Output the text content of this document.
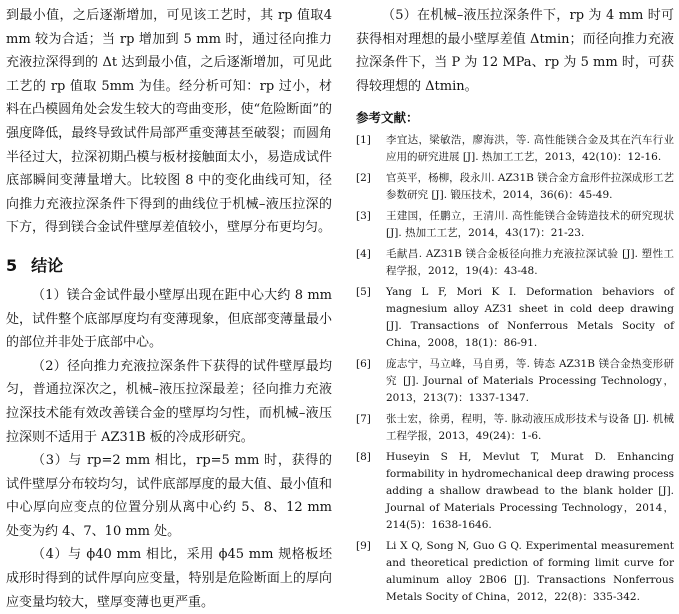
到最小值，之后逐渐增加，可见该工艺时，其 rp 值取4 mm 较为合适；当 rp 增加到 5 mm 时，通过径向推力充液拉深得到的 Δt 达到最小值，之后逐渐增加，可见此工艺的 rp 值取 5mm 为佳。经分析可知：rp 过小，材料在凸模圆角处会发生较大的弯曲变形，使“危险断面”的强度降低，最终导致试件局部严重变薄甚至破裂；而圆角半径过大，拉深初期凸模与板材接触面太小，易造成试件底部瞬间变薄量增大。比较图 8 中的变化曲线可知，径向推力充液拉深条件下得到的曲线位于机械–液压拉深的下方，得到镁合金试件壁厚差值较小，壁厚分布更均匀。

5 结论

（1）镁合金试件最小壁厚出现在距中心大约 8 mm 处，试件整个底部厚度均有变薄现象，但底部变薄量最小的部位并非处于底部中心。

（2）径向推力充液拉深条件下获得的试件壁厚最均匀，普通拉深次之，机械–液压拉深最差；径向推力充液拉深技术能有效改善镁合金的壁厚均匀性，而机械–液压拉深则不适用于 AZ31B 板的冷成形研究。

（3）与 rp=2 mm 相比，rp=5 mm 时，获得的试件壁厚分布较均匀，试件底部厚度的最大值、最小值和中心厚向应变点的位置分别从离中心约 5、8、12 mm 处变为约 4、7、10 mm 处。

（4）与 ϕ40 mm 相比，采用 ϕ45 mm 规格板坯成形时得到的试件厚向应变量，特别是危险断面上的厚向应变量均较大，壁厚变薄也更严重。

（5）在机械–液压拉深条件下，rp 为 4 mm 时可获得相对理想的最小壁厚差值 Δtmin；而径向推力充液拉深条件下，当 P 为 12 MPa、rp 为 5 mm 时，可获得较理想的 Δtmin。

参考文献：

[1] 李宜达，梁敏浩，廖海洪，等. 高性能镁合金及其在汽车行业应用的研究进展 [J]. 热加工工艺，2013，42(10)：12-16.
[2] 官英平，杨柳，段永川. AZ31B 镁合金方盒形件拉深成形工艺参数研究 [J]. 锻压技术，2014，36(6)：45-49.
[3] 王建国，任鹏立，王清川. 高性能镁合金铸造技术的研究现状 [J]. 热加工工艺，2014，43(17)：21-23.
[4] 毛献昌. AZ31B 镁合金板径向推力充液拉深试验 [J]. 塑性工程学报，2012，19(4)：43-48.
[5] Yang L F, Mori K I. Deformation behaviors of magnesium alloy AZ31 sheet in cold deep drawing [J]. Transactions of Nonferrous Metals Socity of China，2008，18(1)：86-91.
[6] 庞志宁，马立峰，马自勇，等. 铸态 AZ31B 镁合金热变形研究 [J]. Journal of Materials Processing Technology，2013，213(7)：1337-1347.
[7] 张士宏，徐勇，程明，等. 脉动液压成形技术与设备 [J]. 机械工程学报，2013，49(24)：1-6.
[8] Huseyin S H, Mevlut T, Murat D. Enhancing formability in hydromechanical deep drawing process adding a shallow drawbead to the blank holder [J]. Journal of Materials Processing Technology，2014，214(5)：1638-1646.
[9] Li X Q, Song N, Guo G Q. Experimental measurement and theoretical prediction of forming limit curve for aluminum alloy 2B06 [J]. Transactions Nonferrous Metals Socity of China，2012，22(8)：335-342.
